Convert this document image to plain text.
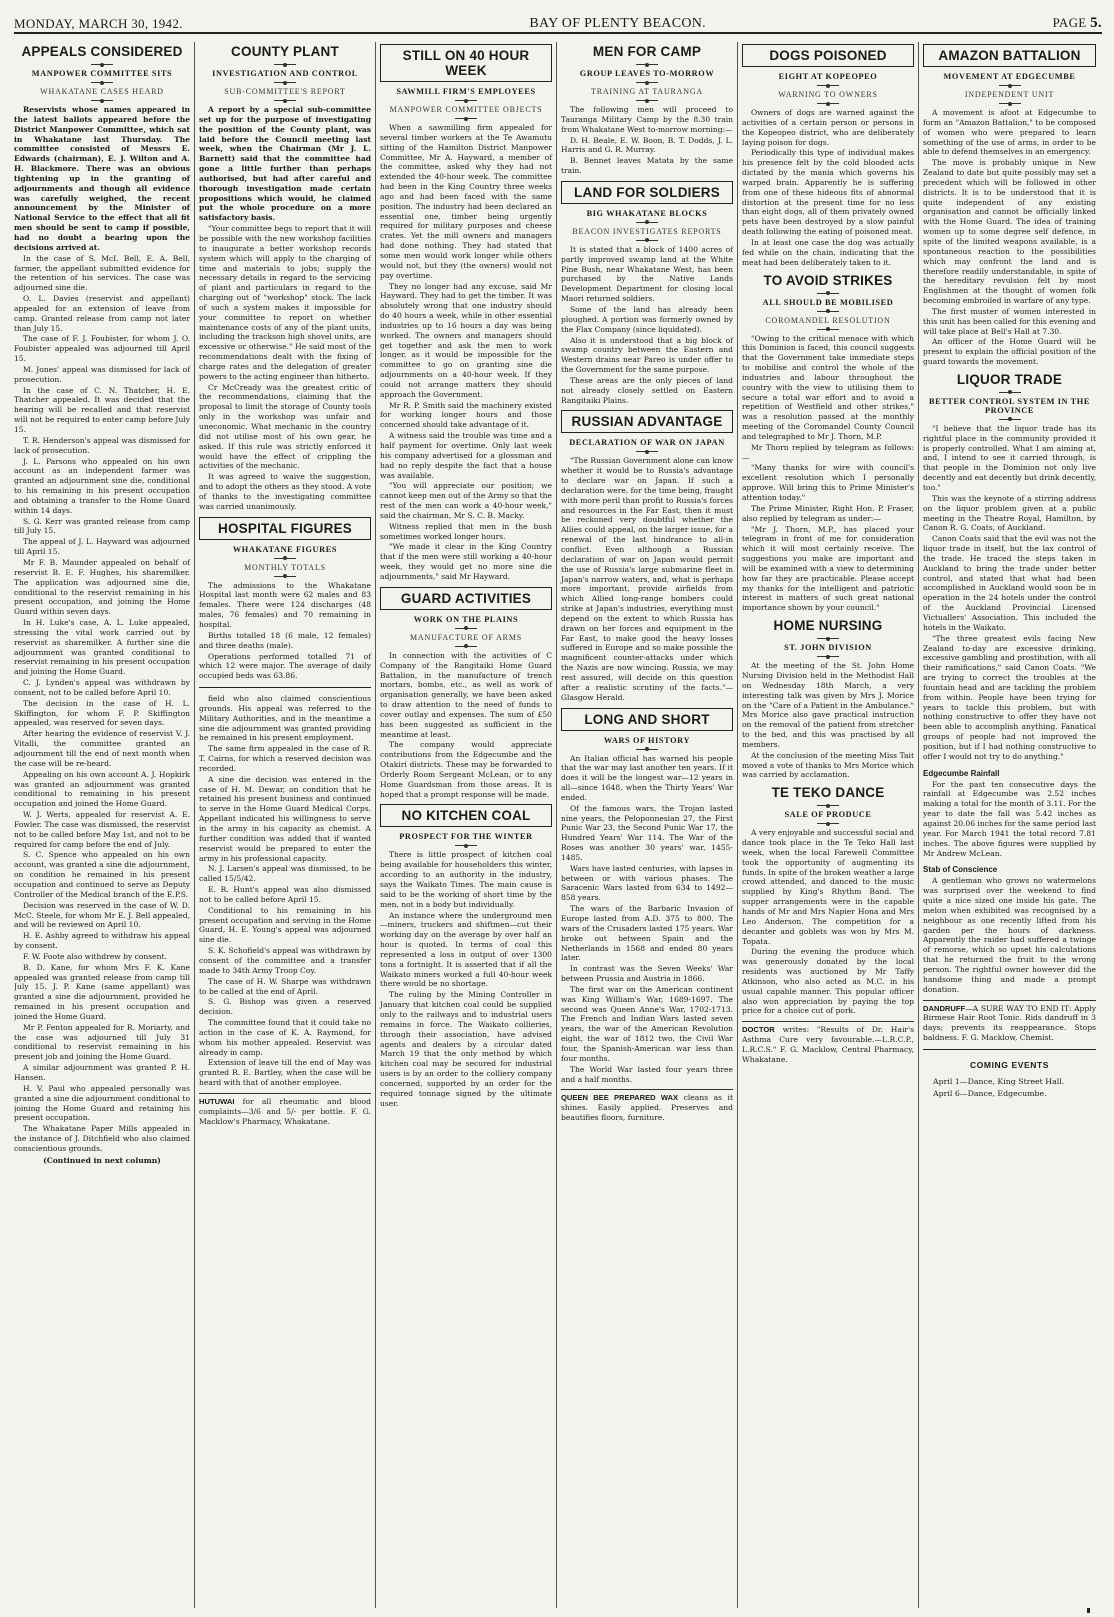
MONDAY, MARCH 30, 1942.	BAY OF PLENTY BEACON.	PAGE 5.
APPEALS CONSIDERED
MANPOWER COMMITTEE SITS
WHAKATANE CASES HEARD

Reservists whose names appeared in the latest ballots appeared before the District Manpower Committee, which sat in Whakatane last Thursday. The committee consisted of Messrs E. Edwards (chairman), E. J. Wilton and A. H. Blackmore. There was an obvious tightening up in the granting of adjournments and though all evidence was carefully weighed, the recent announcement by the Minister of National Service to the effect that all fit men should be sent to camp if possible, had no doubt a bearing upon the decisions arrived at.

In the case of S. McI. Bell, E. A. Bell, farmer, the appellant submitted evidence for the retention of his services. The case was adjourned sine die.

O. L. Davies (reservist and appellant) appealed for an extension of leave from camp. Granted release from camp not later than July 15.

The case of F. J. Foubister, for whom J. O. Foubister appealed was adjourned till April 15.

M. Jones' appeal was dismissed for lack of prosecution.

In the case of C. N. Thatcher, H. E. Thatcher appealed. It was decided that the hearing will be recalled and that reservist will not be required to enter camp before July 15.

T. R. Henderson's appeal was dismissed for lack of prosecution.

J. L. Parsons who appealed on his own account as an independent farmer was granted an adjournment sine die, conditional to his remaining in his present occupation and obtaining a transfer to the Home Guard within 14 days.

S. G. Kerr was granted release from camp till July 15.

The appeal of J. L. Hayward was adjourned till April 15.

Mr F. B. Maunder appealed on behalf of reservist B. E. F. Hughes, his sharemilker. The application was adjourned sine die, conditional to the reservist remaining in his present occupation, and joining the Home Guard within seven days.

In H. Luke's case, A. L. Luke appealed, stressing the vital work carried out by reservist as sharemilker. A further sine die adjournment was granted conditional to reservist remaining in his present occupation and joining the Home Guard.

C. J. Lynden's appeal was withdrawn by consent, not to be called before April 10.

The decision in the case of H. L. Skiffington, for whom F. P. Skiffington appealed, was reserved for seven days.

After hearing the evidence of reservist V. J. Vitalli, the committee granted an adjournment till the end of next month when the case will be re-heard.

Appealing on his own account A. J. Hopkirk was granted an adjournment was granted conditional to remaining in his present occupation and joined the Home Guard.

W. J. Werts, appealed for reservist A. E. Fowler. The case was dismissed, the reservist not to be called before May 1st, and not to be required for camp before the end of July.

S. C. Spence who appealed on his own account, was granted a sine die adjournment, on condition he remained in his present occupation and continued to serve as Deputy Controller of the Medical branch of the E.P.S.

Decision was reserved in the case of W. D. McC. Steele, for whom Mr E. J. Bell appealed, and will be reviewed on April 10.

H. E. Ashby agreed to withdraw his appeal by consent.

F. W. Foote also withdrew by consent.

B. D. Kane, for whom Mrs F. K. Kane appealed was granted release from camp till July 15. J. P. Kane (same appellant) was granted a sine die adjournment, provided he remained in his present occupation and joined the Home Guard.

Mr P. Fenton appealed for R. Moriarty, and the case was adjourned till July 31 conditional to reservist remaining in his present job and joining the Home Guard.

A similar adjournment was granted P. H. Hansen.

H. V. Paul who appealed personally was granted a sine die adjournment conditional to joining the Home Guard and retaining his present occupation.

The Whakatane Paper Mills appealed in the instance of J. Ditchfield who also claimed conscientious grounds.

(Continued in next column)
COUNTY PLANT
INVESTIGATION AND CONTROL
SUB-COMMITTEE'S REPORT

A report by a special sub-committee set up for the purpose of investigating the position of the County plant, was laid before the Council meeting last week, when the Chairman (Mr J. L. Barnett) said that the committee had gone a little further than perhaps authorised, but had after careful and thorough investigation made certain propositions which would, he claimed put the whole procedure on a more satisfactory basis.

"Your committee begs to report that it will be possible with the new workshop facilities to inaugurate a better workshop records system which will apply to the charging of time and materials to jobs; supply the necessary details in regard to the servicing of plant and particulars in regard to the charging out of "workshop" stock. The lack of such a system makes it impossible for your committee to report on whether maintenance costs of any of the plant units, including the trackson high shovel units, are excessive or otherwise." He said most of the recommendations dealt with the fixing of charge rates and the delegation of greater powers to the acting engineer than hitherto.

Cr McCready was the greatest critic of the recommendations, claiming that the proposal to limit the storage of County tools only in the workshop was unfair and uneconomic. What mechanic in the country did not utilise most of his own gear, he asked. If this rule was strictly enforced it would have the effect of crippling the activities of the mechanic.

It was agreed to waive the suggestion, and to adopt the others as they stood. A vote of thanks to the investigating committee was carried unanimously.

HOSPITAL FIGURES
WHAKATANE FIGURES
MONTHLY TOTALS

The admissions to the Whakatane Hospital last month were 62 males and 83 females. There were 124 discharges (48 males, 76 females) and 70 remaining in hospital.

Births totalled 18 (6 male, 12 females) and three deaths (male).

Operations performed totalled 71 of which 12 were major. The average of daily occupied beds was 63.86.

field who also claimed conscientious grounds. His appeal was referred to the Military Authorities, and in the meantime a sine die adjournment was granted providing he remained in his present employment.

The same firm appealed in the case of R. T. Cairns, for which a reserved decision was recorded.

A sine die decision was entered in the case of H. M. Dewar, on condition that he retained his present business and continued to serve in the Home Guard Medical Corps. Appellant indicated his willingness to serve in the army in his capacity as chemist. A further condition was added that if wanted reservist would be prepared to enter the army in his professional capacity.

N. J. Larsen's appeal was dismissed, to be called 15/5/42.

E. R. Hunt's appeal was also dismissed not to be called before April 15.

Conditional to his remaining in his present occupation and serving in the Home Guard, H. E. Young's appeal was adjourned sine die.

S. K. Schofield's appeal was withdrawn by consent of the committee and a transfer made to 34th Army Troop Coy.

The case of H. W. Sharpe was withdrawn to be called at the end of April.

S. G. Bishop was given a reserved decision.

The committee found that it could take no action in the case of K. A. Raymond, for whom his mother appealed. Reservist was already in camp.

Extension of leave till the end of May was granted R. E. Bartley, when the case will be heard with that of another employee.

HUTUWAI for all rheumatic and blood complaints—3/6 and 5/- per bottle. F. G. Macklow's Pharmacy, Whakatane.
STILL ON 40 HOUR WEEK
SAWMILL FIRM'S EMPLOYEES
MANPOWER COMMITTEE OBJECTS

When a sawmilling firm appealed for several timber workers at the Te Awamutu sitting of the Hamilton District Manpower Committee, Mr A. Hayward, a member of the committee, asked why they had not extended the 40-hour week. The committee had been in the King Country three weeks ago and had been faced with the same position. The industry had been declared an essential one, timber being urgently required for military purposes and cheese crates. Yet the mill owners and managers had done nothing. They had stated that some men would work longer while others would not, but they (the owners) would not pay overtime.

They no longer had any excuse, said Mr Hayward. They had to get the timber. It was absolutely wrong that one industry should do 40 hours a week, while in other essential industries up to 16 hours a day was being worked. The owners and managers should get together and ask the men to work longer, as it would be impossible for the committee to go on granting sine die adjournments on a 40-hour week. If they could not arrange matters they should approach the Government.

Mr R. P. Smith said the machinery existed for working longer hours and those concerned should take advantage of it.

A witness said the trouble was time and a half payment for overtime. Only last week his company advertised for a glossman and had no reply despite the fact that a house was available.

"You will appreciate our position; we cannot keep men out of the Army so that the rest of the men can work a 40-hour week," said the chairman, Mr S. C. B. Macky.

Witness replied that men in the bush sometimes worked longer hours.

"We made it clear in the King Country that if the men were still working a 40-hour week, they would get no more sine die adjournments," said Mr Hayward.

GUARD ACTIVITIES
WORK ON THE PLAINS
MANUFACTURE OF ARMS

In connection with the activities of C Company of the Rangitaiki Home Guard Battalion, in the manufacture of trench mortars, bombs, etc., as well as work of organisation generally, we have been asked to draw attention to the need of funds to cover outlay and expenses. The sum of £50 has been suggested as sufficient in the meantime at least.

The company would appreciate contributions from the Edgecumbe and the Otakiri districts. These may be forwarded to Orderly Room Sergeant McLean, or to any Home Guardsman from those areas. It is hoped that a prompt response will be made.

NO KITCHEN COAL
PROSPECT FOR THE WINTER

There is little prospect of kitchen coal being available for householders this winter, according to an authority in the industry, says the Waikato Times. The main cause is said to be the working of short time by the men, not in a body but individually.

An instance where the underground men—miners, truckers and shiftmen—cut their working day on the average by over half an hour is quoted. In terms of coal this represented a loss in output of over 1300 tons a fortnight. It is asserted that if all the Waikato miners worked a full 40-hour week there would be no shortage.

The ruling by the Mining Controller in January that kitchen coal could be supplied only to the railways and to industrial users remains in force. The Waikato collieries, through their association, have advised agents and dealers by a circular dated March 19 that the only method by which kitchen coal may be secured for industrial users is by an order to the colliery company concerned, supported by an order for the required tonnage signed by the ultimate user.

MEN FOR CAMP
GROUP LEAVES TO-MORROW
TRAINING AT TAURANGA

The following men will proceed to Tauranga Military Camp by the 8.30 train from Whakatane West to-morrow morning:—

D. H. Beale, E. W. Boon, B. T. Dodds, J. L. Harris and G. R. Murray.

B. Bennet leaves Matata by the same train.

LAND FOR SOLDIERS
BIG WHAKATANE BLOCKS
BEACON INVESTIGATES REPORTS

It is stated that a block of 1400 acres of partly improved swamp land at the White Pine Bush, near Whakatane West, has been purchased by the Native Lands Development Department for closing local Maori returned soldiers.

Some of the land has already been ploughed. A portion was formerly owned by the Flax Company (since liquidated).

Also it is understood that a big block of swamp country between the Eastern and Western drains near Pareo is under offer to the Government for the same purpose.

These areas are the only pieces of land not already closely settled on Eastern Rangitaiki Plains.

RUSSIAN ADVANTAGE
DECLARATION OF WAR ON JAPAN

"The Russian Government alone can know whether it would be to Russia's advantage to declare war on Japan. If such a declaration were, for the time being, fraught with more peril than profit to Russia's forces and resources in the Far East, then it must be reckoned very doubtful whether the Allies could appeal, on the larger issue, for a renewal of the last hindrance to all-in conflict. Even although a Russian declaration of war on Japan would permit the use of Russia's large submarine fleet in Japan's narrow waters, and, what is perhaps more important, provide airfields from which Allied long-range bombers could strike at Japan's industries, everything must depend on the extent to which Russia has drawn on her forces and equipment in the Far East, to make good the heavy losses suffered in Europe and so make possible the magnificent counter-attacks under which the Nazis are now wincing. Russia, we may rest assured, will decide on this question after a realistic scrutiny of the facts."—Glasgow Herald.

LONG AND SHORT
WARS OF HISTORY

An Italian official has warned his people that the war may last another ten years. If it does it will be the longest war—12 years in all—since 1648, when the Thirty Years' War ended.

Of the famous wars, the Trojan lasted nine years, the Peloponnesian 27, the First Punic War 23, the Second Punic War 17, the Hundred Years' War 114. The War of the Roses was another 30 years' war, 1455-1485.

Wars have lasted centuries, with lapses in between or with various phases. The Saracenic Wars lasted from 634 to 1492—858 years.

The wars of the Barbaric Invasion of Europe lasted from A.D. 375 to 800. The wars of the Crusaders lasted 175 years. War broke out between Spain and the Netherlands in 1568 and ended 80 years later.

In contrast was the Seven Weeks' War between Prussia and Austria in 1866.

The first war on the American continent was King William's War, 1689-1697. The second was Queen Anne's War, 1702-1713. The French and Indian Wars lasted seven years, the war of the American Revolution eight, the war of 1812 two, the Civil War four, the Spanish-American war less than four months.

The World War lasted four years three and a half months.

QUEEN BEE PREPARED WAX cleans as it shines. Easily applied. Preserves and beautifies floors, furniture.
DOGS POISONED
EIGHT AT KOPEOPEO
WARNING TO OWNERS

Owners of dogs are warned against the activities of a certain person or persons in the Kopeopeo district, who are deliberately laying poison for dogs.

Periodically this type of individual makes his presence felt by the cold blooded acts dictated by the mania which governs his warped brain. Apparently he is suffering from one of these hideous fits of abnormal distortion at the present time for no less than eight dogs, all of them privately owned pets have been destroyed by a slow painful death following the eating of poisoned meat.

In at least one case the dog was actually fed while on the chain, indicating that the meat had been deliberately taken to it.

TO AVOID STRIKES
ALL SHOULD BE MOBILISED
COROMANDEL RESOLUTION

"Owing to the critical menace with which this Dominion is faced, this council suggests that the Government take immediate steps to mobilise and control the whole of the industries and labour throughout the country with the view to utilising them to secure a total war effort and to avoid a repetition of Westfield and other strikes," was a resolution passed at the monthly meeting of the Coromandel County Council and telegraphed to Mr J. Thorn, M.P.

Mr Thorn replied by telegram as follows:—

"Many thanks for wire with council's excellent resolution which I personally approve. Will bring this to Prime Minister's attention today."

The Prime Minister, Right Hon. P. Fraser, also replied by telegram as under:—

"Mr J. Thorn, M.P., has placed your telegram in front of me for consideration which it will most certainly receive. The suggestions you make are important and will be examined with a view to determining how far they are practicable. Please accept my thanks for the intelligent and patriotic interest in matters of such great national importance shown by your council."

HOME NURSING
ST. JOHN DIVISION

At the meeting of the St. John Home Nursing Division held in the Methodist Hall on Wednesday 18th March, a very interesting talk was given by Mrs J. Morice on the "Care of a Patient in the Ambulance." Mrs Morice also gave practical instruction on the removal of the patient from stretcher to the bed, and this was practised by all members.

At the conclusion of the meeting Miss Tait moved a vote of thanks to Mrs Morice which was carried by acclamation.

TE TEKO DANCE
SALE OF PRODUCE

A very enjoyable and successful social and dance took place in the Te Teko Hall last week, when the local Farewell Committee took the opportunity of augmenting its funds. In spite of the broken weather a large crowd attended, and danced to the music supplied by King's Rhythm Band. The supper arrangements were in the capable hands of Mr and Mrs Napier Hona and Mrs Leo Anderson. The competition for a decanter and goblets was won by Mrs M. Topata.

During the evening the produce which was generously donated by the local residents was auctioned by Mr Taffy Atkinson, who also acted as M.C. in his usual capable manner. This popular officer also won appreciation by paying the top price for a choice cut of pork.

DOCTOR writes: "Results of Dr. Hair's Asthma Cure very favourable.—L.R.C.P., L.R.C.S." F. G. Macklow, Central Pharmacy, Whakatane.
AMAZON BATTALION
MOVEMENT AT EDGECUMBE
INDEPENDENT UNIT

A movement is afoot at Edgecumbe to form an "Amazon Battalion," to be composed of women who were prepared to learn something of the use of arms, in order to be able to defend themselves in an emergency.

The move is probably unique in New Zealand to date but quite possibly may set a precedent which will be followed in other districts. It is to be understood that it is quite independent of any existing organisation and cannot be officially linked with the Home Guard. The idea of training women up to some degree self defence, in spite of the limited weapons available, is a spontaneous reaction to the possibilities which may confront the land and is therefore readily understandable, in spite of the hereditary revulsion felt by most Englishmen at the thought of women folk becoming embroiled in warfare of any type.

The first muster of women interested in this unit has been called for this evening and will take place at Bell's Hall at 7.30.

An officer of the Home Guard will be present to explain the official position of the guard towards the movement.

LIQUOR TRADE
BETTER CONTROL SYSTEM IN THE PROVINCE

"I believe that the liquor trade has its rightful place in the community provided it is properly controlled. What I am aiming at, and, I intend to see it carried through, is that people in the Dominion not only live decently and eat decently but drink decently, too."

This was the keynote of a stirring address on the liquor problem given at a public meeting in the Theatre Royal, Hamilton, by Canon R. G. Coats, of Auckland.

Canon Coats said that the evil was not the liquor trade in itself, but the lax control of the trade. He traced the steps taken in Auckland to bring the trade under better control, and stated that what had been accomplished in Auckland would soon be in operation in the 24 hotels under the control of the Auckland Provincial Licensed Victuallers' Association. This included the hotels in the Waikato.

"The three greatest evils facing New Zealand to-day are excessive drinking, excessive gambling and prostitution, with all their ramifications," said Canon Coats. "We are trying to correct the troubles at the fountain head and are tackling the problem from within. People have been trying for years to tackle this problem, but with nothing constructive to offer they have not been able to accomplish anything. Fanatical groups of people had not improved the position, but if I had nothing constructive to offer I would not try to do anything."

Edgecumbe Rainfall

For the past ten consecutive days the rainfall at Edgecumbe was 2.52 inches making a total for the month of 3.11. For the year to date the fall was 5.42 inches as against 20.06 inches for the same period last year. For March 1941 the total record 7.81 inches. The above figures were supplied by Mr Andrew McLean.

Stab of Conscience

A gentleman who grows no watermelons was surprised over the weekend to find quite a nice sized one inside his gate. The melon when exhibited was recognised by a neighbour as one recently lifted from his garden per the hours of darkness. Apparently the raider had suffered a twinge of remorse, which so upset his calculations that he returned the fruit to the wrong person. The rightful owner however did the handsome thing and made a prompt donation.

DANDRUFF—A SURE WAY TO END IT: Apply Birmese Hair Root Tonic. Rids dandruff in 3 days; prevents its reappearance. Stops baldness. F. G. Macklow, Chemist.
COMING EVENTS
April 1—Dance, King Street Hall.
April 6—Dance, Edgecumbe.
